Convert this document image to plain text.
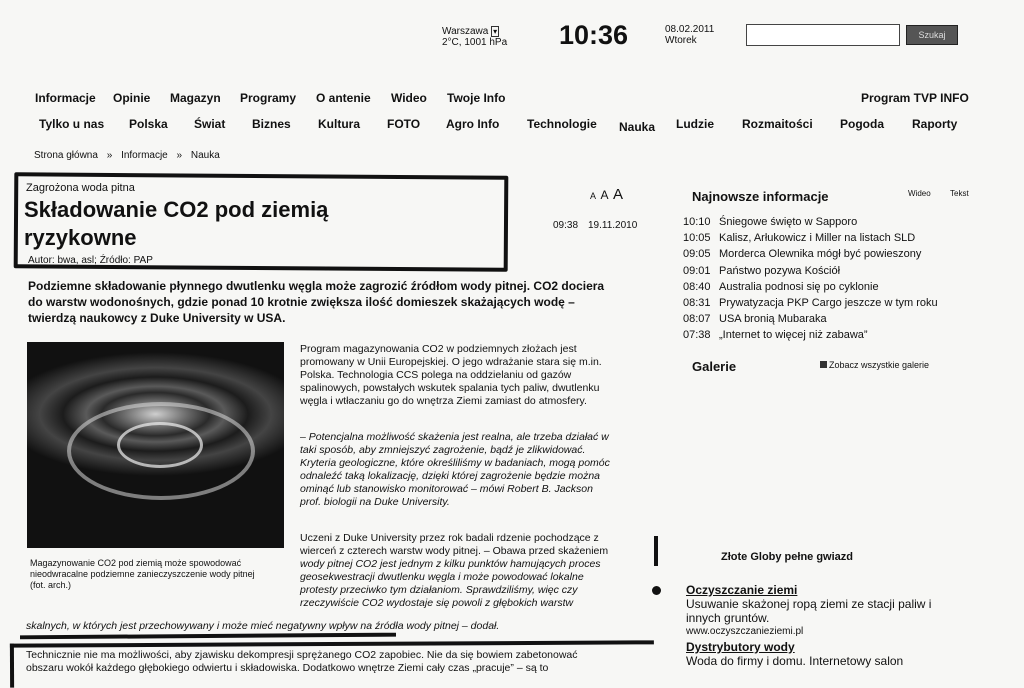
Warszawa ▾
2°C, 1001 hPa 10:36	08.02.2011
Wtorek	Szukaj
Informacje Opinie Magazyn Programy O antenie Wideo Twoje Info	Program TVP INFO
Tylko u nas Polska Świat Biznes Kultura FOTO Agro Info Technologie Nauka Ludzie Rozmaitości Pogoda Raporty
Strona główna » Informacje » Nauka
Zagrożona woda pitna
Składowanie CO2 pod ziemią
ryzykowne
Autor: bwa, asl; Źródło: PAP
A A A
09:38 19.11.2010
Podziemne składowanie płynnego dwutlenku węgla może zagrozić źródłom wody pitnej. CO2 dociera
do warstw wodonośnych, gdzie ponad 10 krotnie zwiększa ilość domieszek skażających wodę –
twierdzą naukowcy z Duke University w USA.
Magazynowanie CO2 pod ziemią może spowodować
nieodwracalne podziemne zanieczyszczenie wody pitnej
(fot. arch.)
Program magazynowania CO2 w podziemnych złożach jest
promowany w Unii Europejskiej. O jego wdrażanie stara się m.in.
Polska. Technologia CCS polega na oddzielaniu od gazów
spalinowych, powstałych wskutek spalania tych paliw, dwutlenku
węgla i wtłaczaniu go do wnętrza Ziemi zamiast do atmosfery.
– Potencjalna możliwość skażenia jest realna, ale trzeba działać w
taki sposób, aby zmniejszyć zagrożenie, bądź je zlikwidować.
Kryteria geologiczne, które określiliśmy w badaniach, mogą pomóc
odnaleźć taką lokalizację, dzięki której zagrożenie będzie można
ominąć lub stanowisko monitorować – mówi Robert B. Jackson
prof. biologii na Duke University.
Uczeni z Duke University przez rok badali rdzenie pochodzące z
wierceń z czterech warstw wody pitnej. – Obawa przed skażeniem
wody pitnej CO2 jest jednym z kilku punktów hamujących proces
geosekwestracji dwutlenku węgla i może powodować lokalne
protesty przeciwko tym działaniom. Sprawdziliśmy, więc czy
rzeczywiście CO2 wydostaje się powoli z głębokich warstw
skalnych, w których jest przechowywany i może mieć negatywny wpływ na źródła wody pitnej – dodał.
Technicznie nie ma możliwości, aby zjawisku dekompresji sprężanego CO2 zapobiec. Nie da się bowiem zabetonować
obszaru wokół każdego głębokiego odwiertu i składowiska. Dodatkowo wnętrze Ziemi cały czas „pracuje” – są to
Najnowsze informacje	Wideo Tekst
10:10 Śniegowe święto w Sapporo
10:05 Kalisz, Arłukowicz i Miller na listach SLD
09:05 Morderca Olewnika mógł być powieszony
09:01 Państwo pozywa Kościół
08:40 Australia podnosi się po cyklonie
08:31 Prywatyzacja PKP Cargo jeszcze w tym roku
08:07 USA bronią Mubaraka
07:38 „Internet to więcej niż zabawa”
Galerie	Zobacz wszystkie galerie
Złote Globy pełne gwiazd
Oczyszczanie ziemi
Usuwanie skażonej ropą ziemi ze stacji paliw i
innych gruntów.
www.oczyszczanieziemi.pl
Dystrybutory wody
Woda do firmy i domu. Internetowy salon
